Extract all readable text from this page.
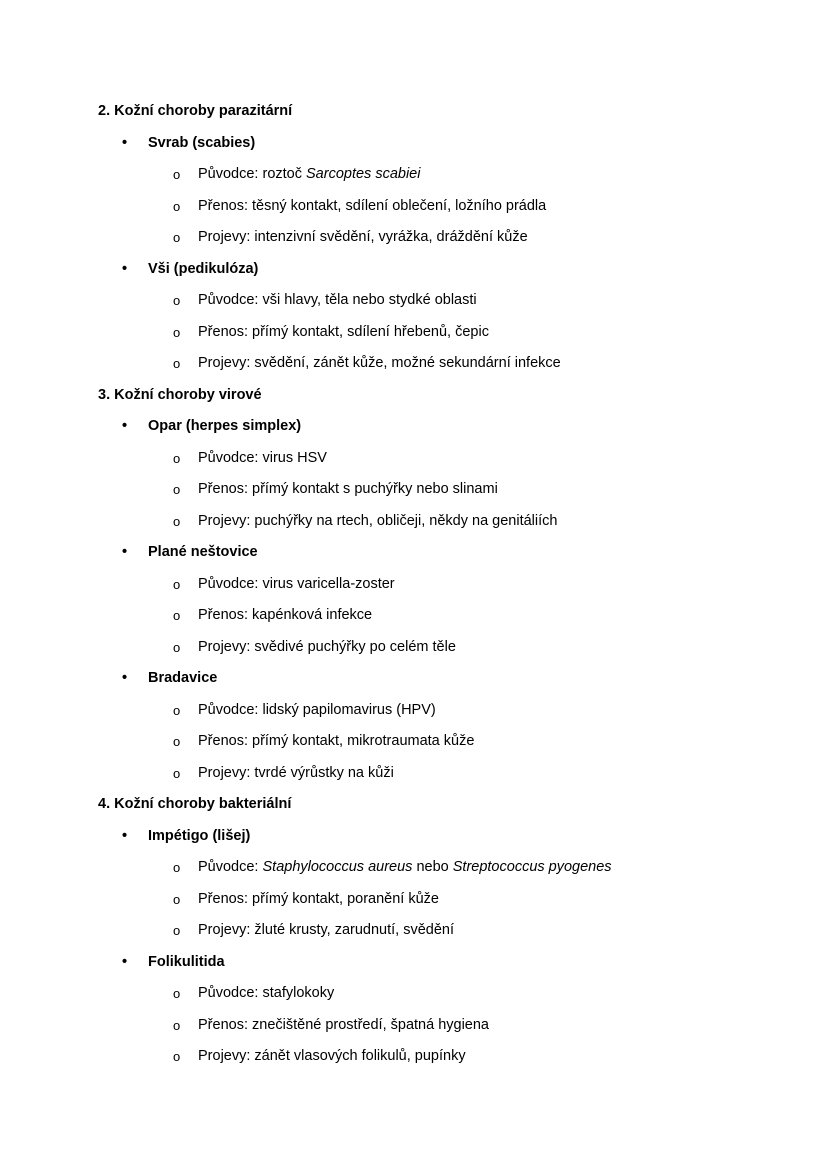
2. Kožní choroby parazitární
• Svrab (scabies)
o Původce: roztoč Sarcoptes scabiei
o Přenos: těsný kontakt, sdílení oblečení, ložního prádla
o Projevy: intenzivní svědění, vyrážka, dráždění kůže
• Vši (pedikulóza)
o Původce: vši hlavy, těla nebo stydké oblasti
o Přenos: přímý kontakt, sdílení hřebenů, čepic
o Projevy: svědění, zánět kůže, možné sekundární infekce
3. Kožní choroby virové
• Opar (herpes simplex)
o Původce: virus HSV
o Přenos: přímý kontakt s puchýřky nebo slinami
o Projevy: puchýřky na rtech, obličeji, někdy na genitáliích
• Plané neštovice
o Původce: virus varicella-zoster
o Přenos: kapénková infekce
o Projevy: svědivé puchýřky po celém těle
• Bradavice
o Původce: lidský papilomavirus (HPV)
o Přenos: přímý kontakt, mikrotraumata kůže
o Projevy: tvrdé výrůstky na kůži
4. Kožní choroby bakteriální
• Impétigo (lišej)
o Původce: Staphylococcus aureus nebo Streptococcus pyogenes
o Přenos: přímý kontakt, poranění kůže
o Projevy: žluté krusty, zarudnutí, svědění
• Folikulitida
o Původce: stafylokoky
o Přenos: znečištěné prostředí, špatná hygiena
o Projevy: zánět vlasových folikulů, pupínky
